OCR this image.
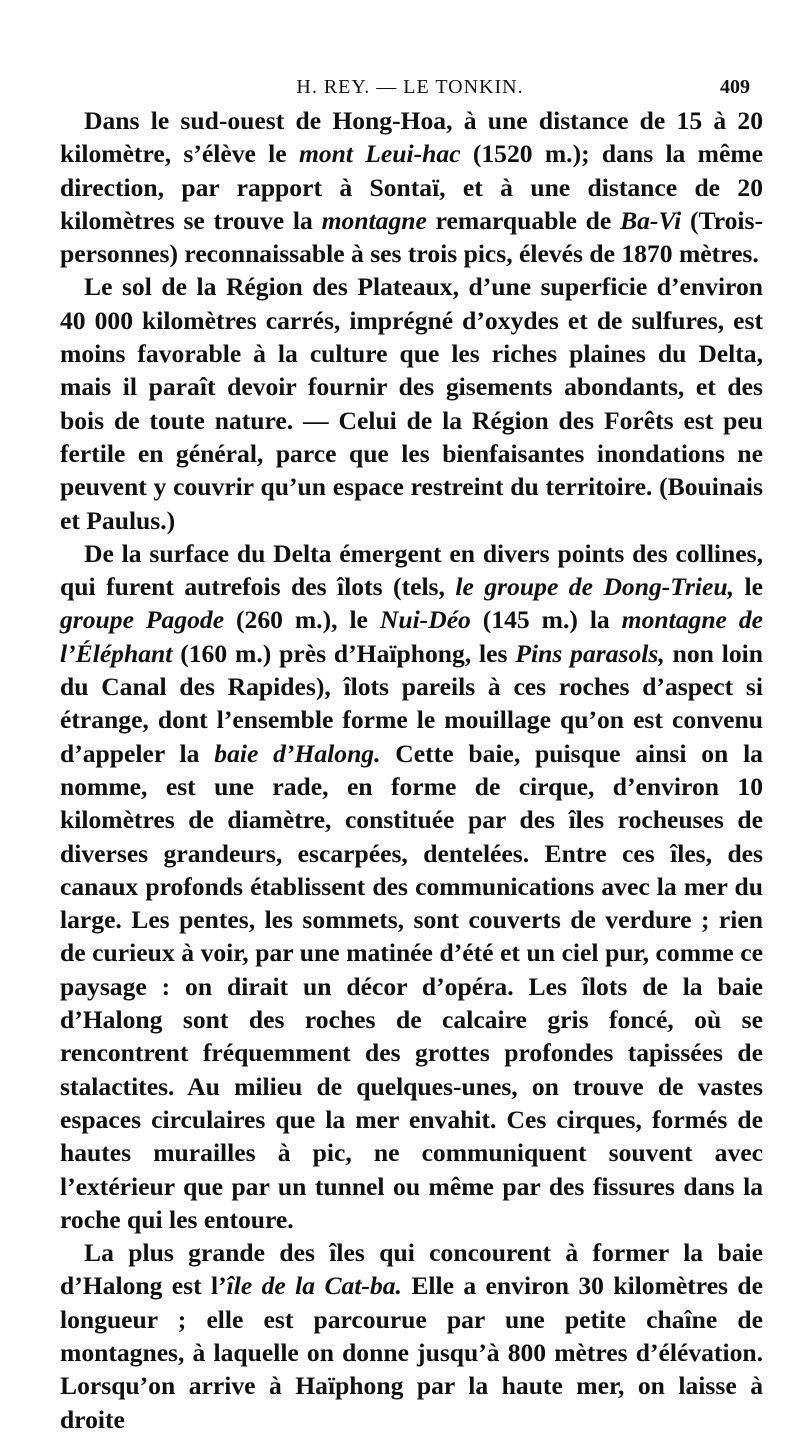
H. REY. — LE TONKIN.	409

Dans le sud-ouest de Hong-Hoa, à une distance de 15 à 20 kilomètre, s’élève le mont Leui-hac (1520 m.); dans la même direction, par rapport à Sontaï, et à une distance de 20 kilomètres se trouve la montagne remarquable de Ba-Vi (Trois-personnes) reconnaissable à ses trois pics, élevés de 1870 mètres.

Le sol de la Région des Plateaux, d’une superficie d’environ 40 000 kilomètres carrés, imprégné d’oxydes et de sulfures, est moins favorable à la culture que les riches plaines du Delta, mais il paraît devoir fournir des gisements abondants, et des bois de toute nature. — Celui de la Région des Forêts est peu fertile en général, parce que les bienfaisantes inondations ne peuvent y couvrir qu’un espace restreint du territoire. (Bouinais et Paulus.)

De la surface du Delta émergent en divers points des collines, qui furent autrefois des îlots (tels, le groupe de Dong-Trieu, le groupe Pagode (260 m.), le Nui-Déo (145 m.) la montagne de l’Éléphant (160 m.) près d’Haïphong, les Pins parasols, non loin du Canal des Rapides), îlots pareils à ces roches d’aspect si étrange, dont l’ensemble forme le mouillage qu’on est convenu d’appeler la baie d’Halong. Cette baie, puisque ainsi on la nomme, est une rade, en forme de cirque, d’environ 10 kilomètres de diamètre, constituée par des îles rocheuses de diverses grandeurs, escarpées, dentelées. Entre ces îles, des canaux profonds établissent des communications avec la mer du large. Les pentes, les sommets, sont couverts de verdure ; rien de curieux à voir, par une matinée d’été et un ciel pur, comme ce paysage : on dirait un décor d’opéra. Les îlots de la baie d’Halong sont des roches de calcaire gris foncé, où se rencontrent fréquemment des grottes profondes tapissées de stalactites. Au milieu de quelques-unes, on trouve de vastes espaces circulaires que la mer envahit. Ces cirques, formés de hautes murailles à pic, ne communiquent souvent avec l’extérieur que par un tunnel ou même par des fissures dans la roche qui les entoure.

La plus grande des îles qui concourent à former la baie d’Halong est l’île de la Cat-ba. Elle a environ 30 kilomètres de longueur ; elle est parcourue par une petite chaîne de montagnes, à laquelle on donne jusqu’à 800 mètres d’élévation. Lorsqu’on arrive à Haïphong par la haute mer, on laisse à droite
